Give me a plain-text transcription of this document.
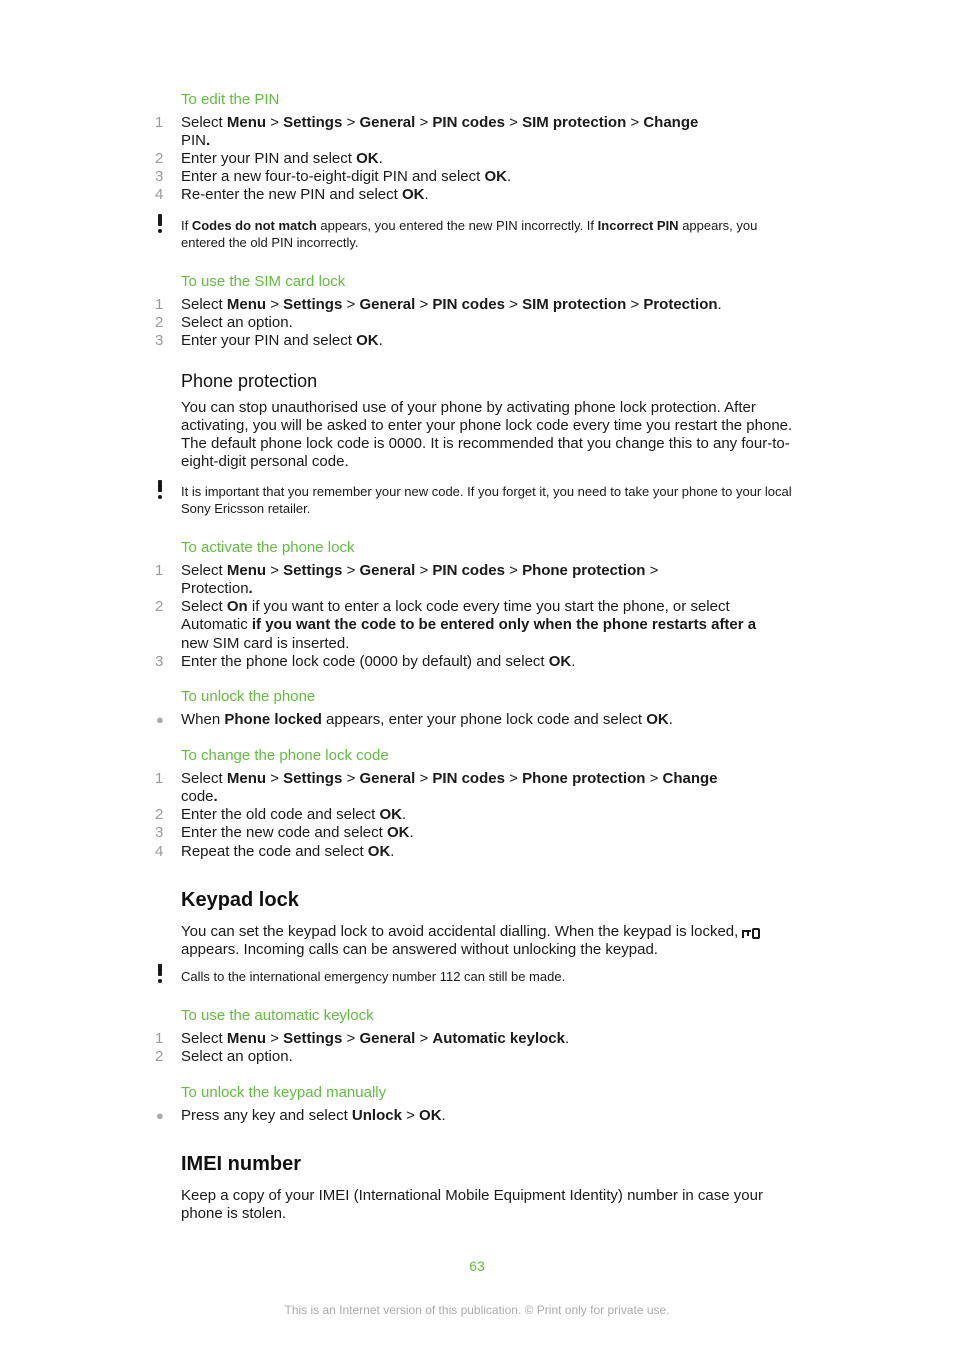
To edit the PIN
1 Select Menu > Settings > General > PIN codes > SIM protection > Change
PIN.
2 Enter your PIN and select OK.
3 Enter a new four-to-eight-digit PIN and select OK.
4 Re-enter the new PIN and select OK.
If Codes do not match appears, you entered the new PIN incorrectly. If Incorrect PIN appears, you entered the old PIN incorrectly.
To use the SIM card lock
1 Select Menu > Settings > General > PIN codes > SIM protection > Protection.
2 Select an option.
3 Enter your PIN and select OK.
Phone protection
You can stop unauthorised use of your phone by activating phone lock protection. After activating, you will be asked to enter your phone lock code every time you restart the phone. The default phone lock code is 0000. It is recommended that you change this to any four-to-eight-digit personal code.
It is important that you remember your new code. If you forget it, you need to take your phone to your local Sony Ericsson retailer.
To activate the phone lock
1 Select Menu > Settings > General > PIN codes > Phone protection >
Protection.
2 Select On if you want to enter a lock code every time you start the phone, or select
Automatic if you want the code to be entered only when the phone restarts after a
new SIM card is inserted.
3 Enter the phone lock code (0000 by default) and select OK.
To unlock the phone
● When Phone locked appears, enter your phone lock code and select OK.
To change the phone lock code
1 Select Menu > Settings > General > PIN codes > Phone protection > Change
code.
2 Enter the old code and select OK.
3 Enter the new code and select OK.
4 Repeat the code and select OK.
Keypad lock
You can set the keypad lock to avoid accidental dialling. When the keypad is locked,
appears. Incoming calls can be answered without unlocking the keypad.
Calls to the international emergency number 112 can still be made.
To use the automatic keylock
1 Select Menu > Settings > General > Automatic keylock.
2 Select an option.
To unlock the keypad manually
● Press any key and select Unlock > OK.
IMEI number
Keep a copy of your IMEI (International Mobile Equipment Identity) number in case your phone is stolen.
63
This is an Internet version of this publication. © Print only for private use.
